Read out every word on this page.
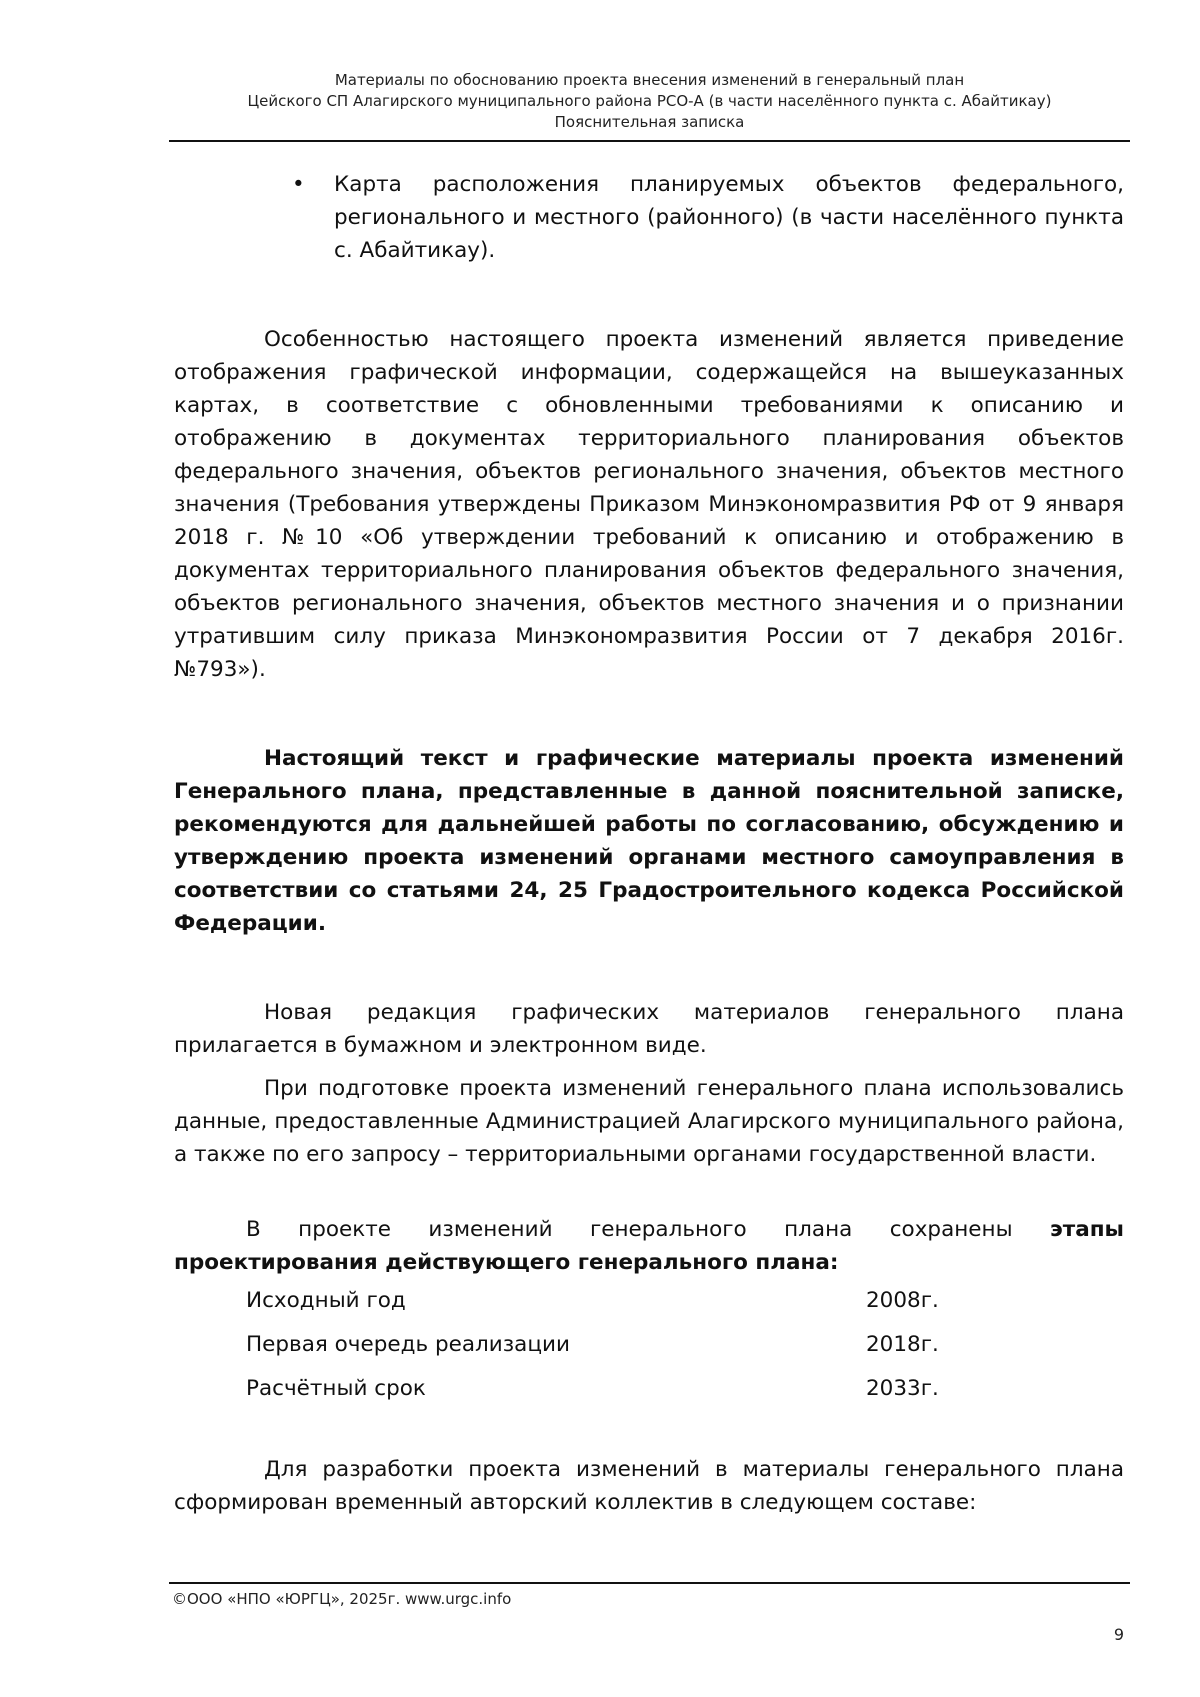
Материалы по обоснованию проекта внесения изменений в генеральный план
Цейского СП Алагирского муниципального района РСО-А (в части населённого пункта с. Абайтикау)
Пояснительная записка
• Карта расположения планируемых объектов федерального, регионального и местного (районного) (в части населённого пункта с. Абайтикау).

Особенностью настоящего проекта изменений является приведение отображения графической информации, содержащейся на вышеуказанных картах, в соответствие с обновленными требованиями к описанию и отображению в документах территориального планирования объектов федерального значения, объектов регионального значения, объектов местного значения (Требования утверждены Приказом Минэкономразвития РФ от 9 января 2018 г. №10 «Об утверждении требований к описанию и отображению в документах территориального планирования объектов федерального значения, объектов регионального значения, объектов местного значения и о признании утратившим силу приказа Минэкономразвития России от 7 декабря 2016г. №793»).

Настоящий текст и графические материалы проекта изменений Генерального плана, представленные в данной пояснительной записке, рекомендуются для дальнейшей работы по согласованию, обсуждению и утверждению проекта изменений органами местного самоуправления в соответствии со статьями 24, 25 Градостроительного кодекса Российской Федерации.

Новая редакция графических материалов генерального плана прилагается в бумажном и электронном виде.

При подготовке проекта изменений генерального плана использовались данные, предоставленные Администрацией Алагирского муниципального района, а также по его запросу – территориальными органами государственной власти.

В проекте изменений генерального плана сохранены этапы проектирования действующего генерального плана:

Исходный год	2008г.
Первая очередь реализации	2018г.
Расчётный срок	2033г.

Для разработки проекта изменений в материалы генерального плана сформирован временный авторский коллектив в следующем составе:

©ООО «НПО «ЮРГЦ», 2025г. www.urgc.info
9
